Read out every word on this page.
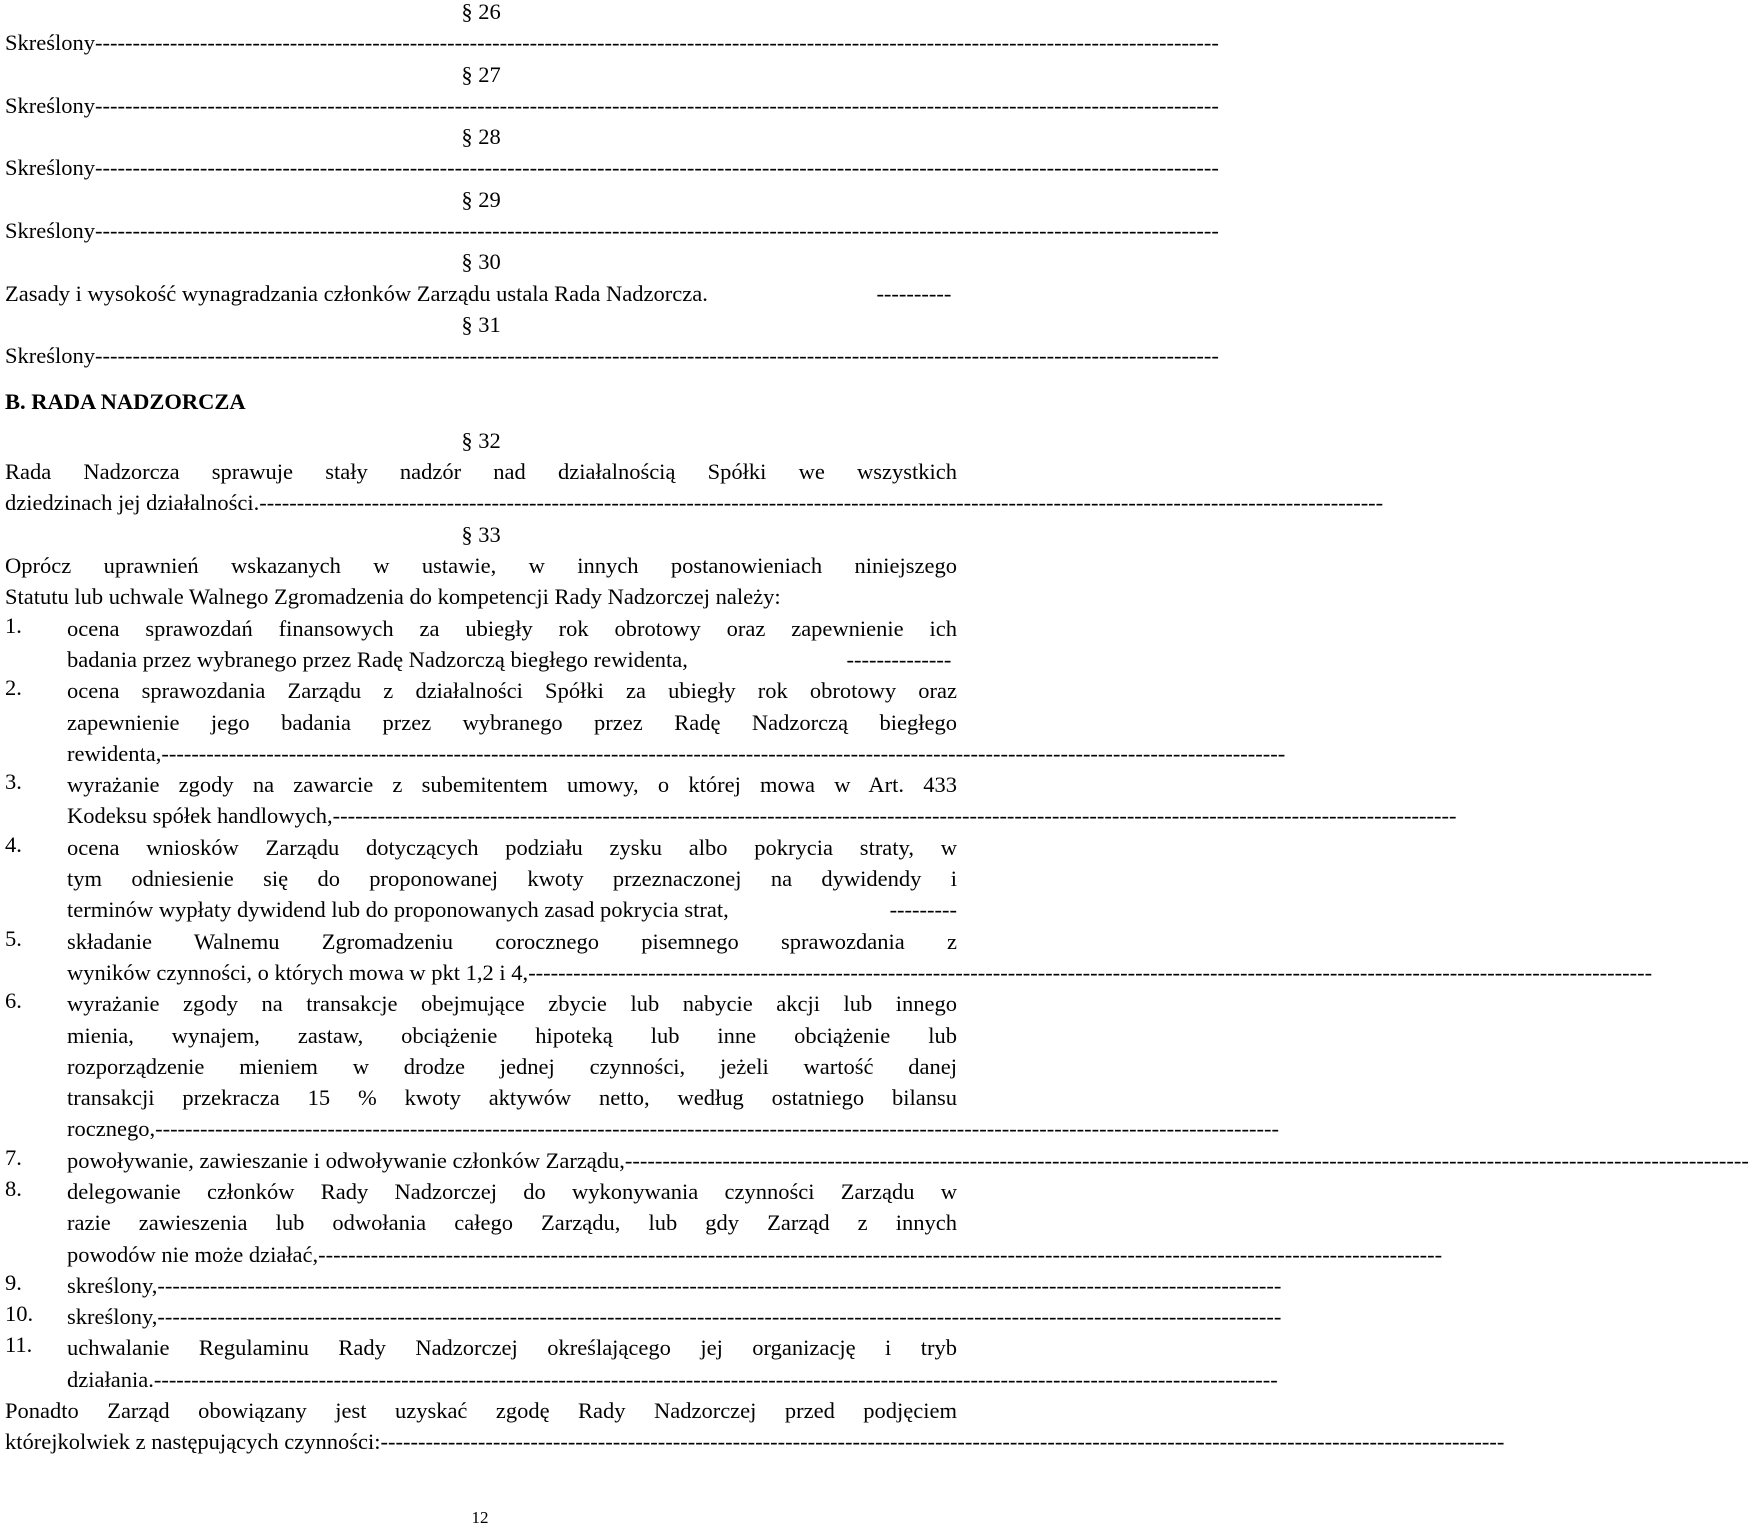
§ 26
Skreślony ------------------------------------------------------------------------------------------------------------------------------------------------------
§ 27
Skreślony ------------------------------------------------------------------------------------------------------------------------------------------------------
§ 28
Skreślony ------------------------------------------------------------------------------------------------------------------------------------------------------
§ 29
Skreślony ------------------------------------------------------------------------------------------------------------------------------------------------------
§ 30
Zasady i wysokość wynagradzania członków Zarządu ustala Rada Nadzorcza.	----------
§ 31
Skreślony ------------------------------------------------------------------------------------------------------------------------------------------------------
B. RADA NADZORCZA
§ 32
Rada Nadzorcza sprawuje stały nadzór nad działalnością Spółki we wszystkich
dziedzinach jej działalności. ------------------------------------------------------------------------------------------------------------------------------------------------------
§ 33
Oprócz uprawnień wskazanych w ustawie, w innych postanowieniach niniejszego
Statutu lub uchwale Walnego Zgromadzenia do kompetencji Rady Nadzorczej należy:
1. ocena sprawozdań finansowych za ubiegły rok obrotowy oraz zapewnienie ich
badania przez wybranego przez Radę Nadzorczą biegłego rewidenta,	--------------
2. ocena sprawozdania Zarządu z działalności Spółki za ubiegły rok obrotowy oraz
zapewnienie jego badania przez wybranego przez Radę Nadzorczą biegłego
rewidenta, ------------------------------------------------------------------------------------------------------------------------------------------------------
3. wyrażanie zgody na zawarcie z subemitentem umowy, o której mowa w Art. 433
Kodeksu spółek handlowych, ------------------------------------------------------------------------------------------------------------------------------------------------------
4. ocena wniosków Zarządu dotyczących podziału zysku albo pokrycia straty, w
tym odniesienie się do proponowanej kwoty przeznaczonej na dywidendy i
terminów wypłaty dywidend lub do proponowanych zasad pokrycia strat,	---------
5. składanie Walnemu Zgromadzeniu corocznego pisemnego sprawozdania z
wyników czynności, o których mowa w pkt 1,2 i 4, ------------------------------------------------------------------------------------------------------------------------------------------------------
6. wyrażanie zgody na transakcje obejmujące zbycie lub nabycie akcji lub innego
mienia, wynajem, zastaw, obciążenie hipoteką lub inne obciążenie lub
rozporządzenie mieniem w drodze jednej czynności, jeżeli wartość danej
transakcji przekracza 15 % kwoty aktywów netto, według ostatniego bilansu
rocznego, ------------------------------------------------------------------------------------------------------------------------------------------------------
7. powoływanie, zawieszanie i odwoływanie członków Zarządu, ------------------------------------------------------------------------------------------------------------------------------------------------------
8. delegowanie członków Rady Nadzorczej do wykonywania czynności Zarządu w
razie zawieszenia lub odwołania całego Zarządu, lub gdy Zarząd z innych
powodów nie może działać, ------------------------------------------------------------------------------------------------------------------------------------------------------
9. skreślony, ------------------------------------------------------------------------------------------------------------------------------------------------------
10. skreślony, ------------------------------------------------------------------------------------------------------------------------------------------------------
11. uchwalanie Regulaminu Rady Nadzorczej określającego jej organizację i tryb
działania. ------------------------------------------------------------------------------------------------------------------------------------------------------
Ponadto Zarząd obowiązany jest uzyskać zgodę Rady Nadzorczej przed podjęciem
którejkolwiek z następujących czynności: ------------------------------------------------------------------------------------------------------------------------------------------------------
12
